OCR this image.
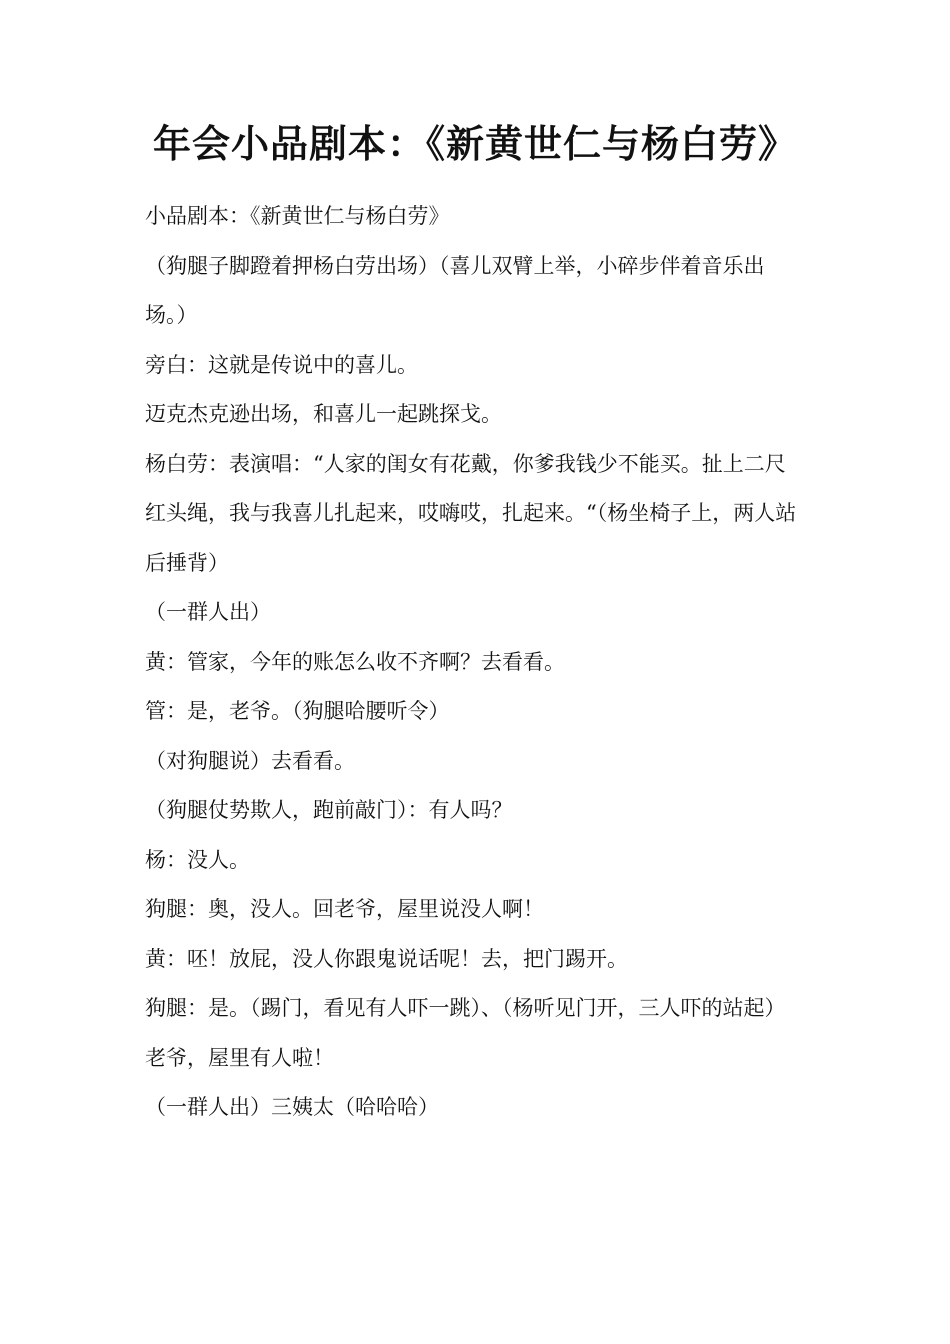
年会小品剧本：《新黄世仁与杨白劳》

小品剧本：《新黄世仁与杨白劳》

（狗腿子脚蹬着押杨白劳出场）（喜儿双臂上举，小碎步伴着音乐出场。）

旁白：这就是传说中的喜儿。

迈克杰克逊出场，和喜儿一起跳探戈。

杨白劳：表演唱：“人家的闺女有花戴，你爹我钱少不能买。扯上二尺红头绳，我与我喜儿扎起来，哎嗨哎，扎起来。“（杨坐椅子上，两人站后捶背）

（一群人出）

黄：管家，今年的账怎么收不齐啊？去看看。

管：是，老爷。（狗腿哈腰听令）

（对狗腿说）去看看。

（狗腿仗势欺人，跑前敲门）：有人吗？

杨：没人。

狗腿：奥，没人。回老爷，屋里说没人啊！

黄：呸！放屁，没人你跟鬼说话呢！去，把门踢开。

狗腿：是。（踢门，看见有人吓一跳）、（杨听见门开，三人吓的站起）

老爷，屋里有人啦！

（一群人出）三姨太（哈哈哈）
